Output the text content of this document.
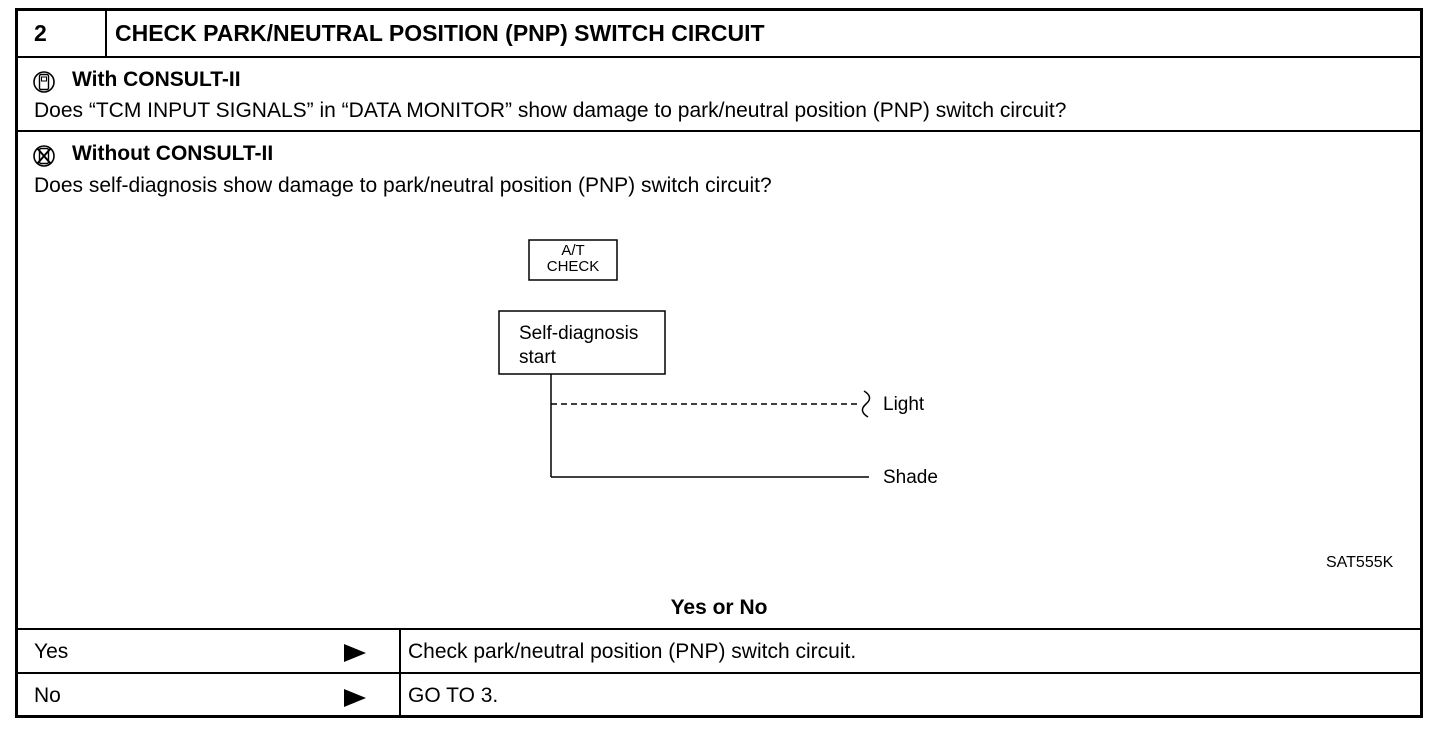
2	CHECK PARK/NEUTRAL POSITION (PNP) SWITCH CIRCUIT
With CONSULT-II
Does “TCM INPUT SIGNALS” in “DATA MONITOR” show damage to park/neutral position (PNP) switch circuit?
Without CONSULT-II
Does self-diagnosis show damage to park/neutral position (PNP) switch circuit?
A/T
CHECK
Self-diagnosis
start
Light
Shade
SAT555K
Yes or No
Yes	Check park/neutral position (PNP) switch circuit.
No	GO TO 3.
